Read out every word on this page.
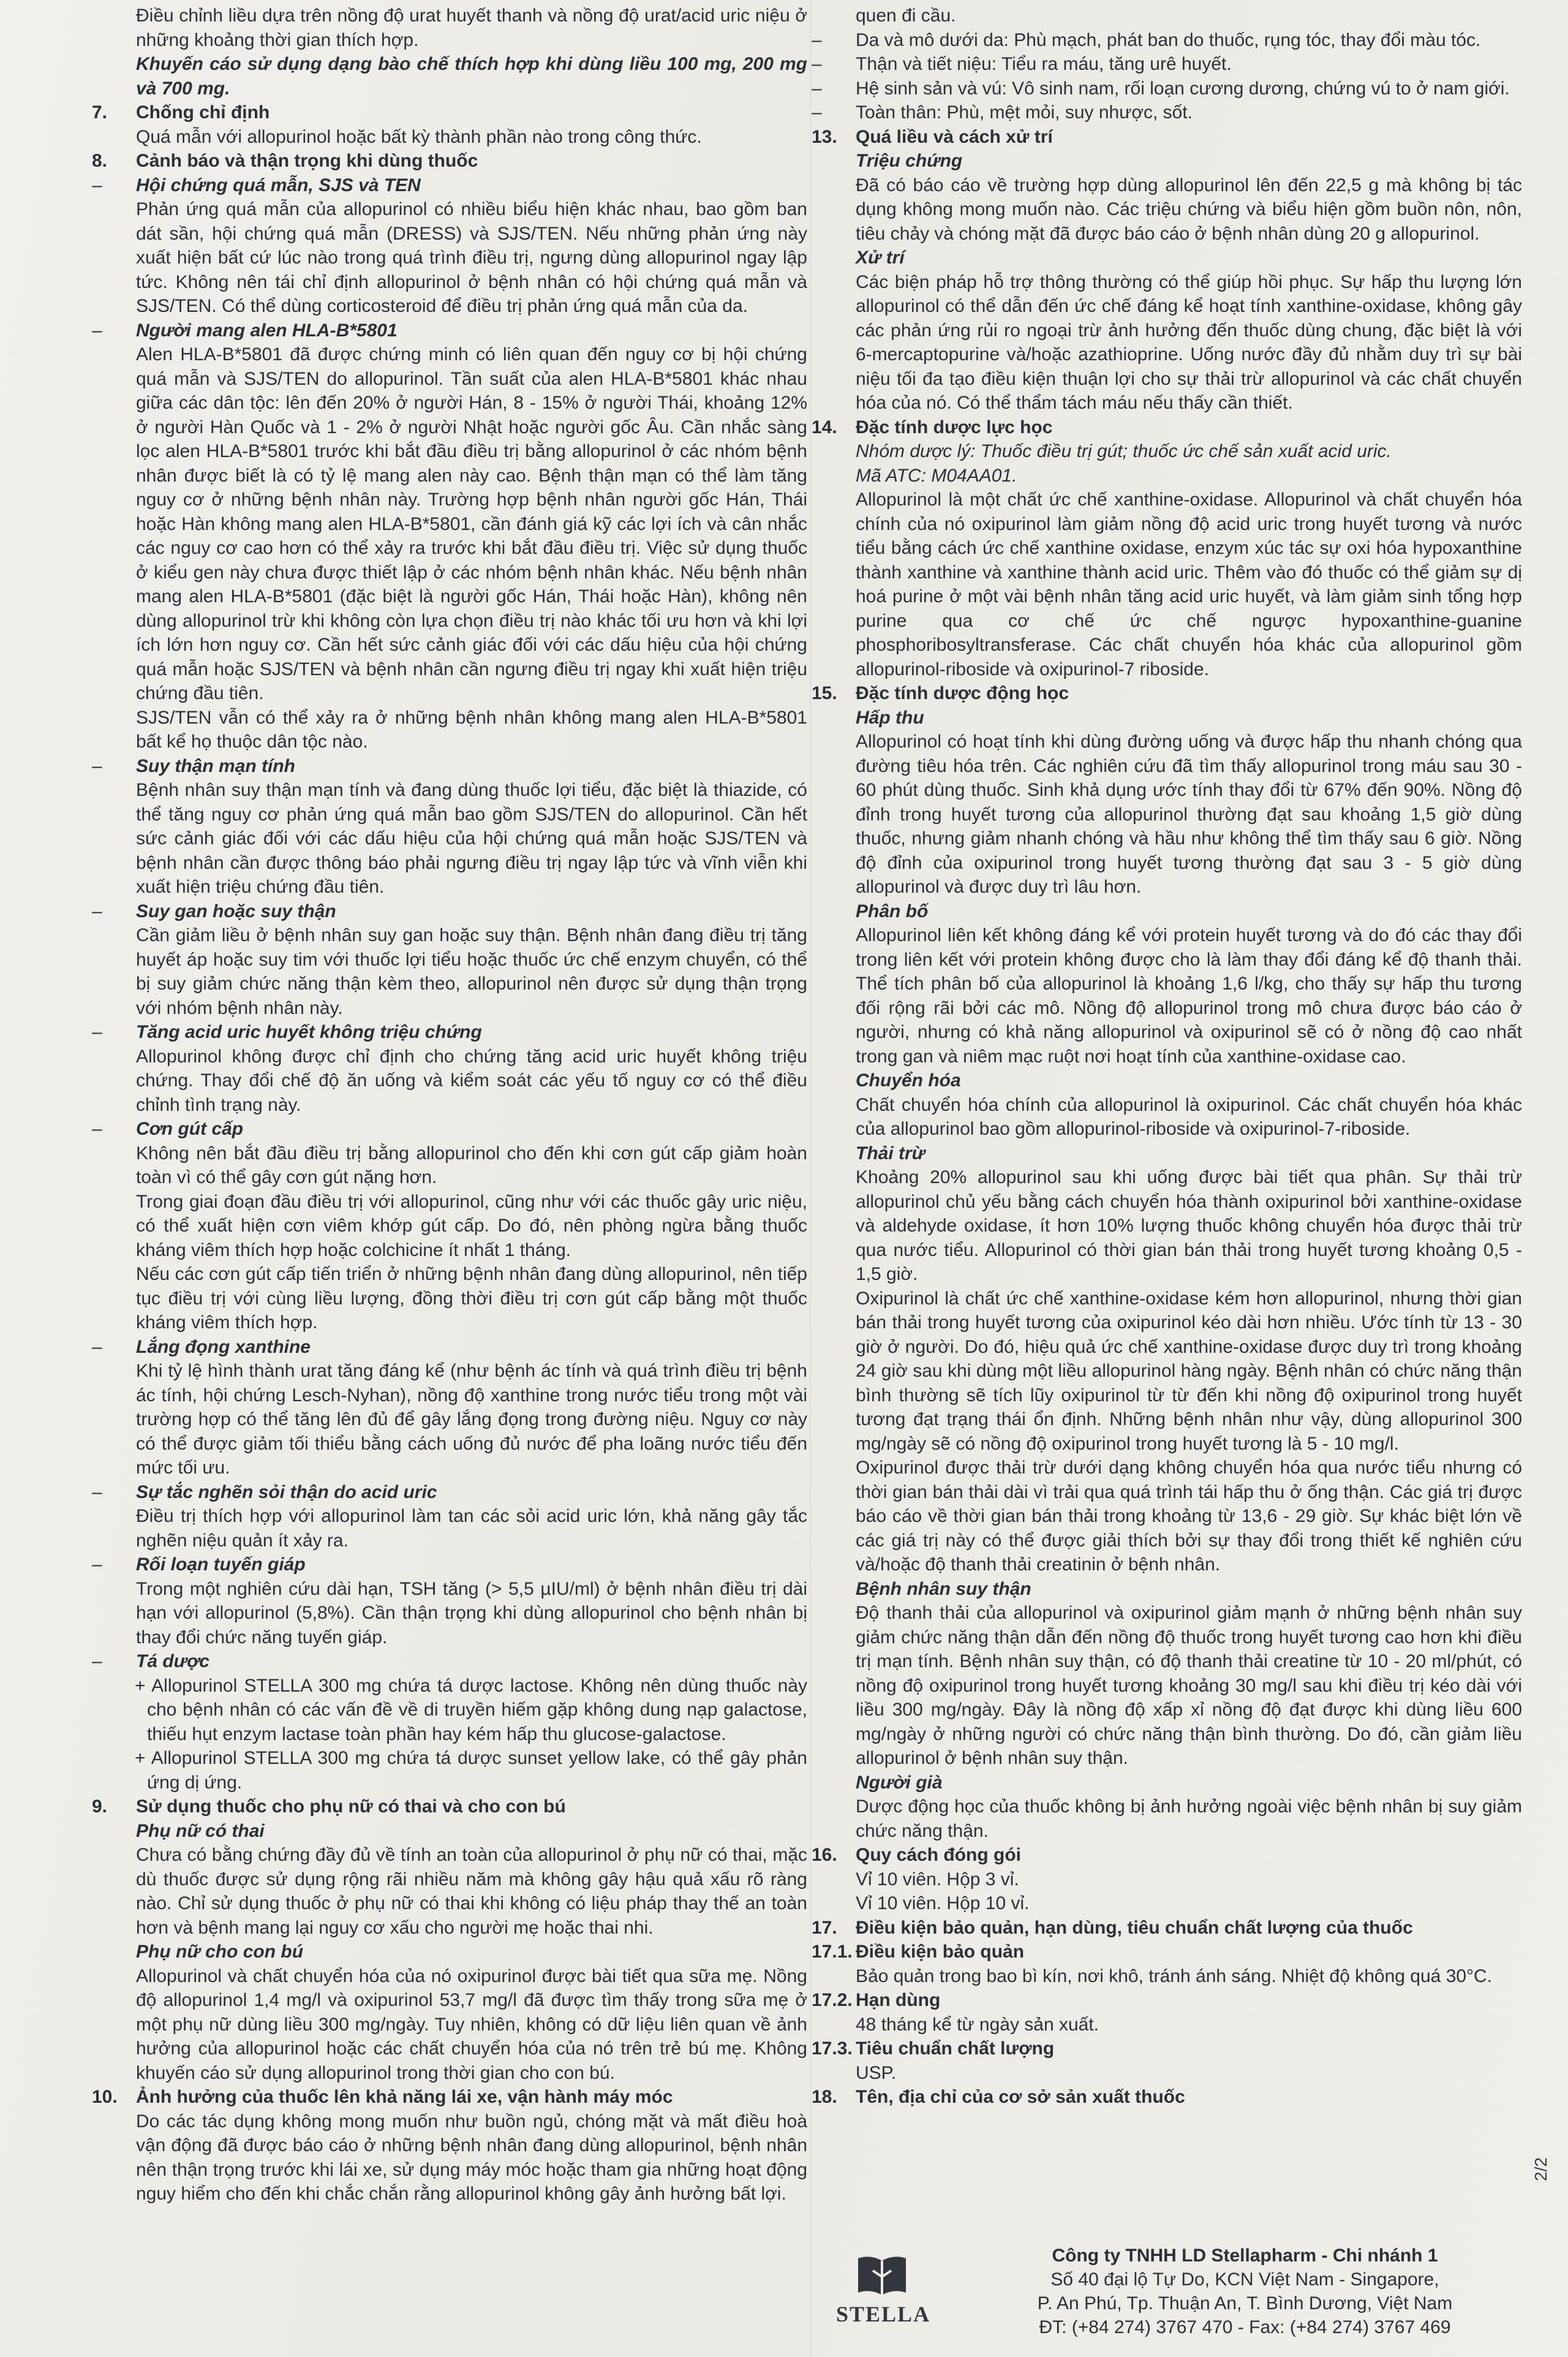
Điều chỉnh liều dựa trên nồng độ urat huyết thanh và nồng độ urat/acid uric niệu ở những khoảng thời gian thích hợp.

Khuyến cáo sử dụng dạng bào chế thích hợp khi dùng liều 100 mg, 200 mg và 700 mg.

7.	Chống chỉ định

Quá mẫn với allopurinol hoặc bất kỳ thành phần nào trong công thức.

8.	Cảnh báo và thận trọng khi dùng thuốc
–	Hội chứng quá mẫn, SJS và TEN

Phản ứng quá mẫn của allopurinol có nhiều biểu hiện khác nhau, bao gồm ban dát sần, hội chứng quá mẫn (DRESS) và SJS/TEN. Nếu những phản ứng này xuất hiện bất cứ lúc nào trong quá trình điều trị, ngưng dùng allopurinol ngay lập tức. Không nên tái chỉ định allopurinol ở bệnh nhân có hội chứng quá mẫn và SJS/TEN. Có thể dùng corticosteroid để điều trị phản ứng quá mẫn của da.

–	Người mang alen HLA-B*5801

Alen HLA-B*5801 đã được chứng minh có liên quan đến nguy cơ bị hội chứng quá mẫn và SJS/TEN do allopurinol. Tần suất của alen HLA-B*5801 khác nhau giữa các dân tộc: lên đến 20% ở người Hán, 8 - 15% ở người Thái, khoảng 12% ở người Hàn Quốc và 1 - 2% ở người Nhật hoặc người gốc Âu. Cần nhắc sàng lọc alen HLA-B*5801 trước khi bắt đầu điều trị bằng allopurinol ở các nhóm bệnh nhân được biết là có tỷ lệ mang alen này cao. Bệnh thận mạn có thể làm tăng nguy cơ ở những bệnh nhân này. Trường hợp bệnh nhân người gốc Hán, Thái hoặc Hàn không mang alen HLA-B*5801, cần đánh giá kỹ các lợi ích và cân nhắc các nguy cơ cao hơn có thể xảy ra trước khi bắt đầu điều trị. Việc sử dụng thuốc ở kiểu gen này chưa được thiết lập ở các nhóm bệnh nhân khác. Nếu bệnh nhân mang alen HLA-B*5801 (đặc biệt là người gốc Hán, Thái hoặc Hàn), không nên dùng allopurinol trừ khi không còn lựa chọn điều trị nào khác tối ưu hơn và khi lợi ích lớn hơn nguy cơ. Cần hết sức cảnh giác đối với các dấu hiệu của hội chứng quá mẫn hoặc SJS/TEN và bệnh nhân cần ngưng điều trị ngay khi xuất hiện triệu chứng đầu tiên.

SJS/TEN vẫn có thể xảy ra ở những bệnh nhân không mang alen HLA-B*5801 bất kể họ thuộc dân tộc nào.

–	Suy thận mạn tính

Bệnh nhân suy thận mạn tính và đang dùng thuốc lợi tiểu, đặc biệt là thiazide, có thể tăng nguy cơ phản ứng quá mẫn bao gồm SJS/TEN do allopurinol. Cần hết sức cảnh giác đối với các dấu hiệu của hội chứng quá mẫn hoặc SJS/TEN và bệnh nhân cần được thông báo phải ngưng điều trị ngay lập tức và vĩnh viễn khi xuất hiện triệu chứng đầu tiên.

–	Suy gan hoặc suy thận

Cần giảm liều ở bệnh nhân suy gan hoặc suy thận. Bệnh nhân đang điều trị tăng huyết áp hoặc suy tim với thuốc lợi tiểu hoặc thuốc ức chế enzym chuyển, có thể bị suy giảm chức năng thận kèm theo, allopurinol nên được sử dụng thận trọng với nhóm bệnh nhân này.

–	Tăng acid uric huyết không triệu chứng

Allopurinol không được chỉ định cho chứng tăng acid uric huyết không triệu chứng. Thay đổi chế độ ăn uống và kiểm soát các yếu tố nguy cơ có thể điều chỉnh tình trạng này.

–	Cơn gút cấp

Không nên bắt đầu điều trị bằng allopurinol cho đến khi cơn gút cấp giảm hoàn toàn vì có thể gây cơn gút nặng hơn.

Trong giai đoạn đầu điều trị với allopurinol, cũng như với các thuốc gây uric niệu, có thể xuất hiện cơn viêm khớp gút cấp. Do đó, nên phòng ngừa bằng thuốc kháng viêm thích hợp hoặc colchicine ít nhất 1 tháng.

Nếu các cơn gút cấp tiến triển ở những bệnh nhân đang dùng allopurinol, nên tiếp tục điều trị với cùng liều lượng, đồng thời điều trị cơn gút cấp bằng một thuốc kháng viêm thích hợp.

–	Lắng đọng xanthine

Khi tỷ lệ hình thành urat tăng đáng kể (như bệnh ác tính và quá trình điều trị bệnh ác tính, hội chứng Lesch-Nyhan), nồng độ xanthine trong nước tiểu trong một vài trường hợp có thể tăng lên đủ để gây lắng đọng trong đường niệu. Nguy cơ này có thể được giảm tối thiểu bằng cách uống đủ nước để pha loãng nước tiểu đến mức tối ưu.

–	Sự tắc nghẽn sỏi thận do acid uric

Điều trị thích hợp với allopurinol làm tan các sỏi acid uric lớn, khả năng gây tắc nghẽn niệu quản ít xảy ra.

–	Rối loạn tuyến giáp

Trong một nghiên cứu dài hạn, TSH tăng (> 5,5 µIU/ml) ở bệnh nhân điều trị dài hạn với allopurinol (5,8%). Cần thận trọng khi dùng allopurinol cho bệnh nhân bị thay đổi chức năng tuyến giáp.

–	Tá dược

+ Allopurinol STELLA 300 mg chứa tá dược lactose. Không nên dùng thuốc này cho bệnh nhân có các vấn đề về di truyền hiếm gặp không dung nạp galactose, thiếu hụt enzym lactase toàn phần hay kém hấp thu glucose-galactose.

+ Allopurinol STELLA 300 mg chứa tá dược sunset yellow lake, có thể gây phản ứng dị ứng.

9.	Sử dụng thuốc cho phụ nữ có thai và cho con bú

Phụ nữ có thai

Chưa có bằng chứng đầy đủ về tính an toàn của allopurinol ở phụ nữ có thai, mặc dù thuốc được sử dụng rộng rãi nhiều năm mà không gây hậu quả xấu rõ ràng nào. Chỉ sử dụng thuốc ở phụ nữ có thai khi không có liệu pháp thay thế an toàn hơn và bệnh mang lại nguy cơ xấu cho người mẹ hoặc thai nhi.

Phụ nữ cho con bú

Allopurinol và chất chuyển hóa của nó oxipurinol được bài tiết qua sữa mẹ. Nồng độ allopurinol 1,4 mg/l và oxipurinol 53,7 mg/l đã được tìm thấy trong sữa mẹ ở một phụ nữ dùng liều 300 mg/ngày. Tuy nhiên, không có dữ liệu liên quan về ảnh hưởng của allopurinol hoặc các chất chuyển hóa của nó trên trẻ bú mẹ. Không khuyến cáo sử dụng allopurinol trong thời gian cho con bú.

10.	Ảnh hưởng của thuốc lên khả năng lái xe, vận hành máy móc

Do các tác dụng không mong muốn như buồn ngủ, chóng mặt và mất điều hoà vận động đã được báo cáo ở những bệnh nhân đang dùng allopurinol, bệnh nhân nên thận trọng trước khi lái xe, sử dụng máy móc hoặc tham gia những hoạt động nguy hiểm cho đến khi chắc chắn rằng allopurinol không gây ảnh hưởng bất lợi.

quen đi cầu.

–	Da và mô dưới da: Phù mạch, phát ban do thuốc, rụng tóc, thay đổi màu tóc.
–	Thận và tiết niệu: Tiểu ra máu, tăng urê huyết.
–	Hệ sinh sản và vú: Vô sinh nam, rối loạn cương dương, chứng vú to ở nam giới.
–	Toàn thân: Phù, mệt mỏi, suy nhược, sốt.
13.	Quá liều và cách xử trí

Triệu chứng

Đã có báo cáo về trường hợp dùng allopurinol lên đến 22,5 g mà không bị tác dụng không mong muốn nào. Các triệu chứng và biểu hiện gồm buồn nôn, nôn, tiêu chảy và chóng mặt đã được báo cáo ở bệnh nhân dùng 20 g allopurinol.

Xử trí

Các biện pháp hỗ trợ thông thường có thể giúp hồi phục. Sự hấp thu lượng lớn allopurinol có thể dẫn đến ức chế đáng kể hoạt tính xanthine-oxidase, không gây các phản ứng rủi ro ngoại trừ ảnh hưởng đến thuốc dùng chung, đặc biệt là với 6-mercaptopurine và/hoặc azathioprine. Uống nước đầy đủ nhằm duy trì sự bài niệu tối đa tạo điều kiện thuận lợi cho sự thải trừ allopurinol và các chất chuyển hóa của nó. Có thể thẩm tách máu nếu thấy cần thiết.

14.	Đặc tính dược lực học

Nhóm dược lý: Thuốc điều trị gút; thuốc ức chế sản xuất acid uric.

Mã ATC: M04AA01.

Allopurinol là một chất ức chế xanthine-oxidase. Allopurinol và chất chuyển hóa chính của nó oxipurinol làm giảm nồng độ acid uric trong huyết tương và nước tiểu bằng cách ức chế xanthine oxidase, enzym xúc tác sự oxi hóa hypoxanthine thành xanthine và xanthine thành acid uric. Thêm vào đó thuốc có thể giảm sự dị hoá purine ở một vài bệnh nhân tăng acid uric huyết, và làm giảm sinh tổng hợp purine qua cơ chế ức chế ngược hypoxanthine-guanine phosphoribosyltransferase. Các chất chuyển hóa khác của allopurinol gồm allopurinol-riboside và oxipurinol-7 riboside.

15.	Đặc tính dược động học

Hấp thu

Allopurinol có hoạt tính khi dùng đường uống và được hấp thu nhanh chóng qua đường tiêu hóa trên. Các nghiên cứu đã tìm thấy allopurinol trong máu sau 30 - 60 phút dùng thuốc. Sinh khả dụng ước tính thay đổi từ 67% đến 90%. Nồng độ đỉnh trong huyết tương của allopurinol thường đạt sau khoảng 1,5 giờ dùng thuốc, nhưng giảm nhanh chóng và hầu như không thể tìm thấy sau 6 giờ. Nồng độ đỉnh của oxipurinol trong huyết tương thường đạt sau 3 - 5 giờ dùng allopurinol và được duy trì lâu hơn.

Phân bố

Allopurinol liên kết không đáng kể với protein huyết tương và do đó các thay đổi trong liên kết với protein không được cho là làm thay đổi đáng kể độ thanh thải. Thể tích phân bố của allopurinol là khoảng 1,6 l/kg, cho thấy sự hấp thu tương đối rộng rãi bởi các mô. Nồng độ allopurinol trong mô chưa được báo cáo ở người, nhưng có khả năng allopurinol và oxipurinol sẽ có ở nồng độ cao nhất trong gan và niêm mạc ruột nơi hoạt tính của xanthine-oxidase cao.

Chuyển hóa

Chất chuyển hóa chính của allopurinol là oxipurinol. Các chất chuyển hóa khác của allopurinol bao gồm allopurinol-riboside và oxipurinol-7-riboside.

Thải trừ

Khoảng 20% allopurinol sau khi uống được bài tiết qua phân. Sự thải trừ allopurinol chủ yếu bằng cách chuyển hóa thành oxipurinol bởi xanthine-oxidase và aldehyde oxidase, ít hơn 10% lượng thuốc không chuyển hóa được thải trừ qua nước tiểu. Allopurinol có thời gian bán thải trong huyết tương khoảng 0,5 - 1,5 giờ.

Oxipurinol là chất ức chế xanthine-oxidase kém hơn allopurinol, nhưng thời gian bán thải trong huyết tương của oxipurinol kéo dài hơn nhiều. Ước tính từ 13 - 30 giờ ở người. Do đó, hiệu quả ức chế xanthine-oxidase được duy trì trong khoảng 24 giờ sau khi dùng một liều allopurinol hàng ngày. Bệnh nhân có chức năng thận bình thường sẽ tích lũy oxipurinol từ từ đến khi nồng độ oxipurinol trong huyết tương đạt trạng thái ổn định. Những bệnh nhân như vậy, dùng allopurinol 300 mg/ngày sẽ có nồng độ oxipurinol trong huyết tương là 5 - 10 mg/l.

Oxipurinol được thải trừ dưới dạng không chuyển hóa qua nước tiểu nhưng có thời gian bán thải dài vì trải qua quá trình tái hấp thu ở ống thận. Các giá trị được báo cáo về thời gian bán thải trong khoảng từ 13,6 - 29 giờ. Sự khác biệt lớn về các giá trị này có thể được giải thích bởi sự thay đổi trong thiết kế nghiên cứu và/hoặc độ thanh thải creatinin ở bệnh nhân.

Bệnh nhân suy thận

Độ thanh thải của allopurinol và oxipurinol giảm mạnh ở những bệnh nhân suy giảm chức năng thận dẫn đến nồng độ thuốc trong huyết tương cao hơn khi điều trị mạn tính. Bệnh nhân suy thận, có độ thanh thải creatine từ 10 - 20 ml/phút, có nồng độ oxipurinol trong huyết tương khoảng 30 mg/l sau khi điều trị kéo dài với liều 300 mg/ngày. Đây là nồng độ xấp xỉ nồng độ đạt được khi dùng liều 600 mg/ngày ở những người có chức năng thận bình thường. Do đó, cần giảm liều allopurinol ở bệnh nhân suy thận.

Người già

Dược động học của thuốc không bị ảnh hưởng ngoài việc bệnh nhân bị suy giảm chức năng thận.

16.	Quy cách đóng gói

Vỉ 10 viên. Hộp 3 vỉ.

Vỉ 10 viên. Hộp 10 vỉ.

17.	Điều kiện bảo quản, hạn dùng, tiêu chuẩn chất lượng của thuốc
17.1. Điều kiện bảo quản

Bảo quản trong bao bì kín, nơi khô, tránh ánh sáng. Nhiệt độ không quá 30°C.

17.2. Hạn dùng

48 tháng kể từ ngày sản xuất.

17.3. Tiêu chuẩn chất lượng

USP.

18.	Tên, địa chỉ của cơ sở sản xuất thuốc
STELLA
Công ty TNHH LD Stellapharm - Chi nhánh 1
Số 40 đại lộ Tự Do, KCN Việt Nam - Singapore,
P. An Phú, Tp. Thuận An, T. Bình Dương, Việt Nam
ĐT: (+84 274) 3767 470 - Fax: (+84 274) 3767 469
2/2
